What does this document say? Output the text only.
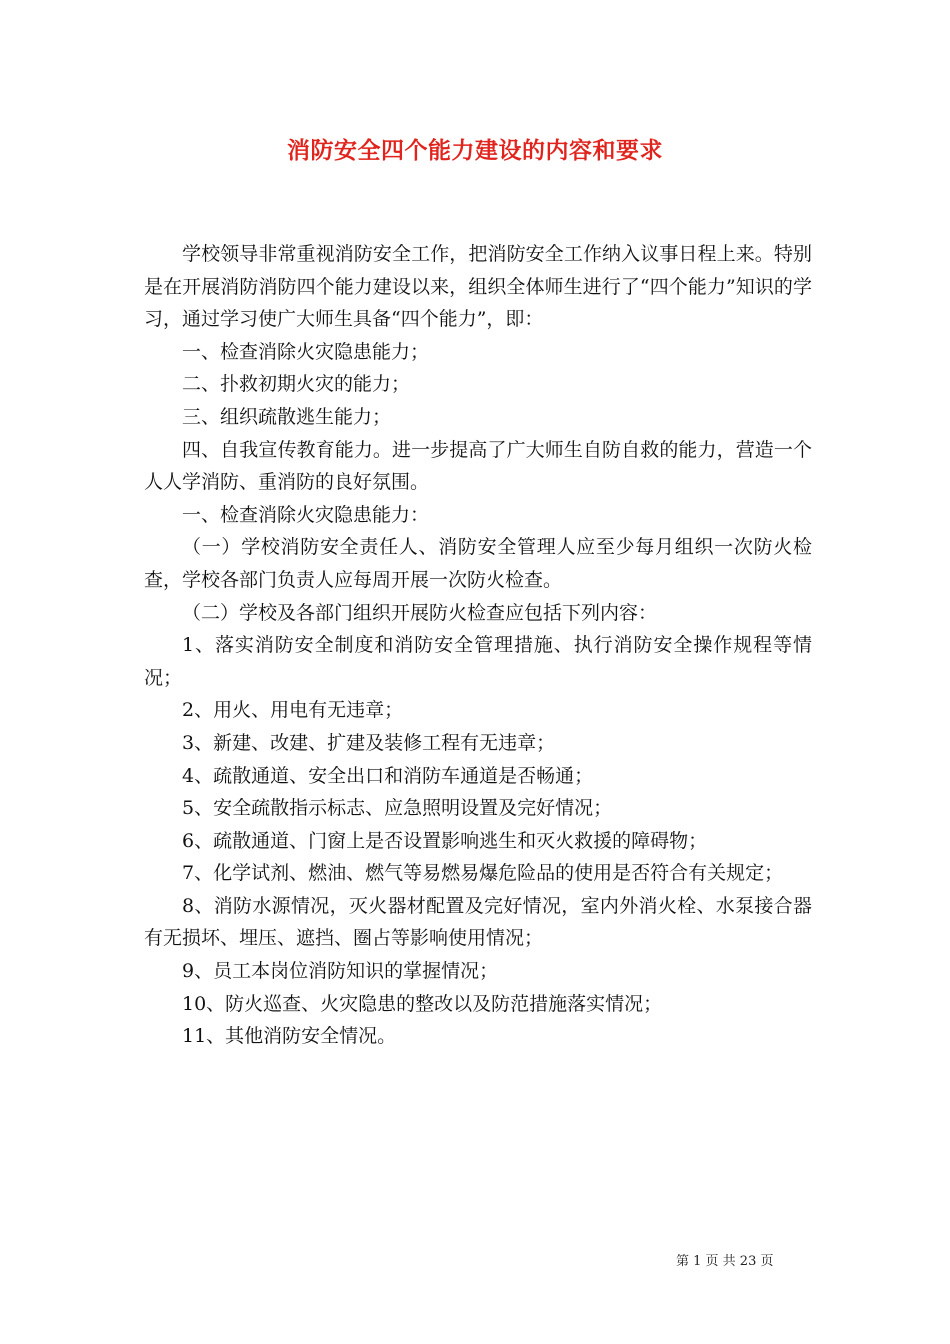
消防安全四个能力建设的内容和要求

学校领导非常重视消防安全工作，把消防安全工作纳入议事日程上来。特别是在开展消防消防四个能力建设以来，组织全体师生进行了“四个能力”知识的学习，通过学习使广大师生具备“四个能力”，即：

一、检查消除火灾隐患能力；

二、扑救初期火灾的能力；

三、组织疏散逃生能力；

四、自我宣传教育能力。进一步提高了广大师生自防自救的能力，营造一个人人学消防、重消防的良好氛围。

一、检查消除火灾隐患能力：

（一）学校消防安全责任人、消防安全管理人应至少每月组织一次防火检查，学校各部门负责人应每周开展一次防火检查。

（二）学校及各部门组织开展防火检查应包括下列内容：

1、落实消防安全制度和消防安全管理措施、执行消防安全操作规程等情况；

2、用火、用电有无违章；

3、新建、改建、扩建及装修工程有无违章；

4、疏散通道、安全出口和消防车通道是否畅通；

5、安全疏散指示标志、应急照明设置及完好情况；

6、疏散通道、门窗上是否设置影响逃生和灭火救援的障碍物；

7、化学试剂、燃油、燃气等易燃易爆危险品的使用是否符合有关规定；

8、消防水源情况，灭火器材配置及完好情况，室内外消火栓、水泵接合器有无损坏、埋压、遮挡、圈占等影响使用情况；

9、员工本岗位消防知识的掌握情况；

10、防火巡查、火灾隐患的整改以及防范措施落实情况；

11、其他消防安全情况。

第 1 页 共 23 页
